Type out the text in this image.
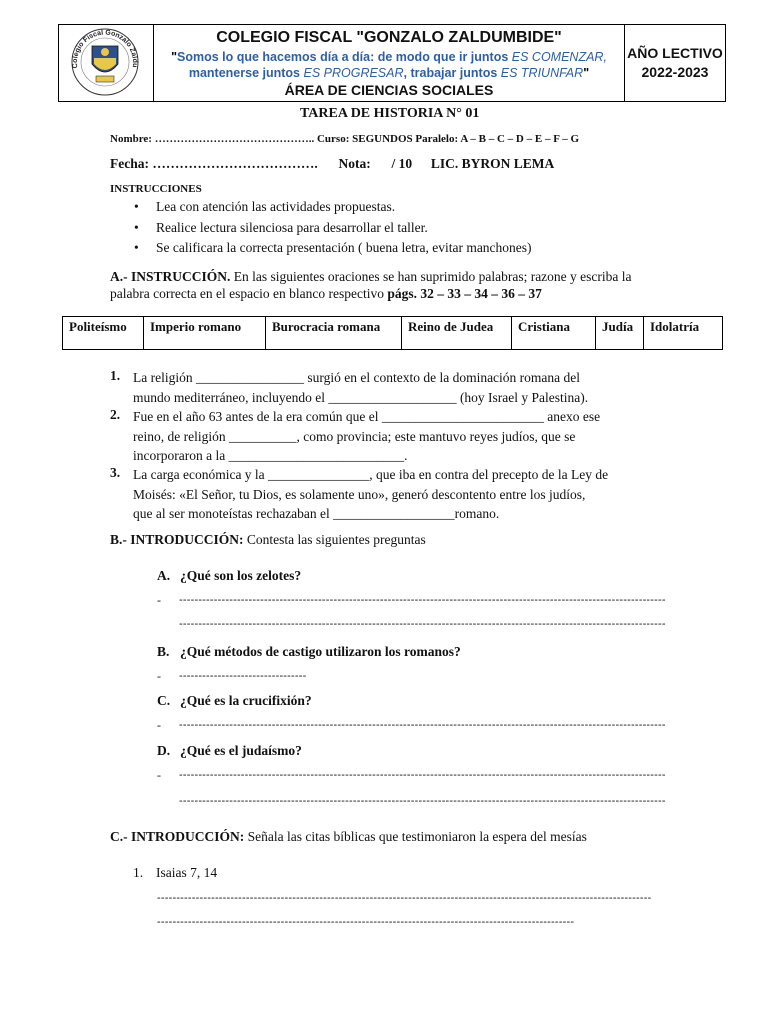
Colegio Fiscal Gonzalo Zaldu
COLEGIO FISCAL "GONZALO ZALDUMBIDE"
"Somos lo que hacemos día a día: de modo que ir juntos ES COMENZAR,
mantenerse juntos ES PROGRESAR, trabajar juntos ES TRIUNFAR"
ÁREA DE CIENCIAS SOCIALES
AÑO LECTIVO
2022-2023
TAREA DE HISTORIA N° 01
Nombre: …………………………………….. Curso: SEGUNDOS Paralelo: A – B – C – D – E – F – G
Fecha: ………………………………. Nota: / 10 LIC. BYRON LEMA
INSTRUCCIONES
• Lea con atención las actividades propuestas.
• Realice lectura silenciosa para desarrollar el taller.
• Se calificara la correcta presentación ( buena letra, evitar manchones)
A.- INSTRUCCIÓN. En las siguientes oraciones se han suprimido palabras; razone y escriba la
palabra correcta en el espacio en blanco respectivo págs. 32 – 33 – 34 – 36 – 37
Politeísmo	Imperio romano	Burocracia romana	Reino de Judea	Cristiana	Judía	Idolatría
1. La religión ________________ surgió en el contexto de la dominación romana del
mundo mediterráneo, incluyendo el ___________________ (hoy Israel y Palestina).
2. Fue en el año 63 antes de la era común que el ________________________ anexo ese
reino, de religión __________, como provincia; este mantuvo reyes judíos, que se
incorporaron a la __________________________.
3. La carga económica y la _______________, que iba en contra del precepto de la Ley de
Moisés: «El Señor, tu Dios, es solamente uno», generó descontento entre los judíos,
que al ser monoteístas rechazaban el __________________romano.
B.- INTRODUCCIÓN: Contesta las siguientes preguntas
A. ¿Qué son los zelotes?
- ------------------------------------------------------------------------------------------------------------------------------
------------------------------------------------------------------------------------------------------------------------------
B. ¿Qué métodos de castigo utilizaron los romanos?
- ---------------------------------
C. ¿Qué es la crucifixión?
- ------------------------------------------------------------------------------------------------------------------------------
D. ¿Qué es el judaísmo?
- ------------------------------------------------------------------------------------------------------------------------------
------------------------------------------------------------------------------------------------------------------------------
C.- INTRODUCCIÓN: Señala las citas bíblicas que testimoniaron la espera del mesías
1. Isaias 7, 14
--------------------------------------------------------------------------------------------------------------------------------
------------------------------------------------------------------------------------------------------------
